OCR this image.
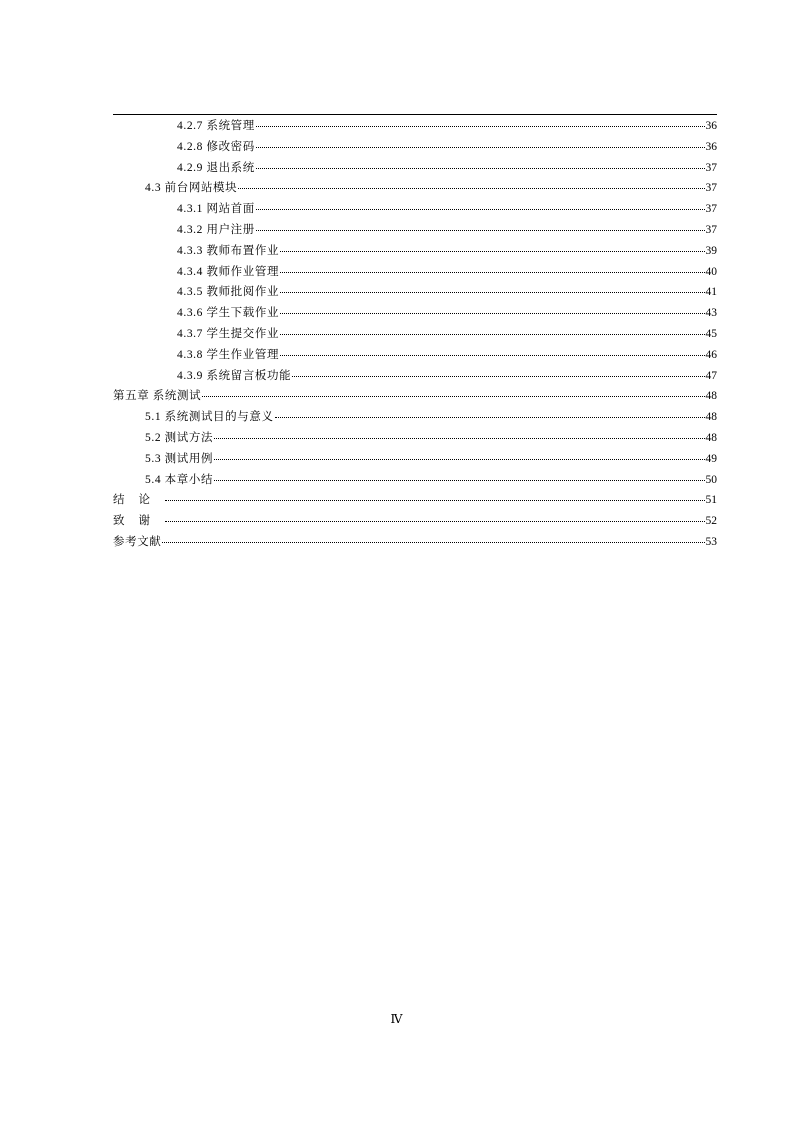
4.2.7 系统管理	36
4.2.8 修改密码	36
4.2.9 退出系统	37
4.3 前台网站模块	37
4.3.1 网站首面	37
4.3.2 用户注册	37
4.3.3 教师布置作业	39
4.3.4 教师作业管理	40
4.3.5 教师批阅作业	41
4.3.6 学生下载作业	43
4.3.7 学生提交作业	45
4.3.8 学生作业管理	46
4.3.9 系统留言板功能	47
第五章 系统测试	48
5.1 系统测试目的与意义	48
5.2 测试方法	48
5.3 测试用例	49
5.4 本章小结	50
结论	51
致谢	52
参考文献	53
Ⅳ
